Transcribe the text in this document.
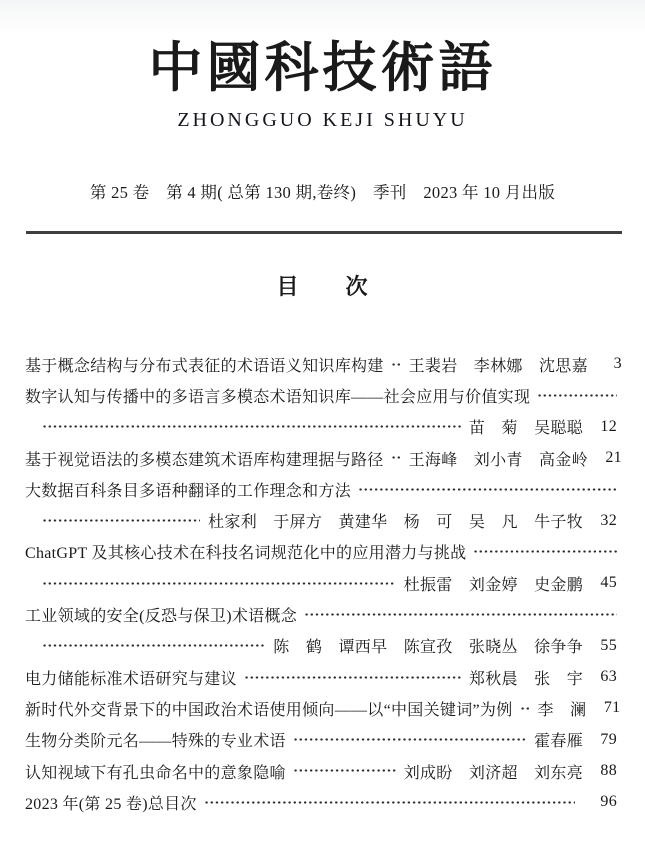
中國科技術語
ZHONGGUO KEJI SHUYU
第 25 卷　第 4 期( 总第 130 期,卷终)　季刊　2023 年 10 月出版
目　　次
基于概念结构与分布式表征的术语语义知识库构建 王裴岩　李林娜　沈思嘉	3
数字认知与传播中的多语言多模态术语知识库——社会应用与价值实现
苗　菊　吴聪聪	12
基于视觉语法的多模态建筑术语库构建理据与路径 王海峰　刘小青　高金岭	21
大数据百科条目多语种翻译的工作理念和方法
杜家利　于屏方　黄建华　杨　可　吴　凡　牛子牧	32
ChatGPT 及其核心技术在科技名词规范化中的应用潜力与挑战
杜振雷　刘金婷　史金鹏	45
工业领域的安全(反恐与保卫)术语概念
陈　鹤　谭西早　陈宣孜　张晓丛　徐争争	55
电力储能标准术语研究与建议	郑秋晨　张　宇	63
新时代外交背景下的中国政治术语使用倾向——以“中国关键词”为例 李　澜	71
生物分类阶元名——特殊的专业术语	霍春雁	79
认知视域下有孔虫命名中的意象隐喻	刘成盼　刘济超　刘东亮	88
2023 年(第 25 卷)总目次	96
